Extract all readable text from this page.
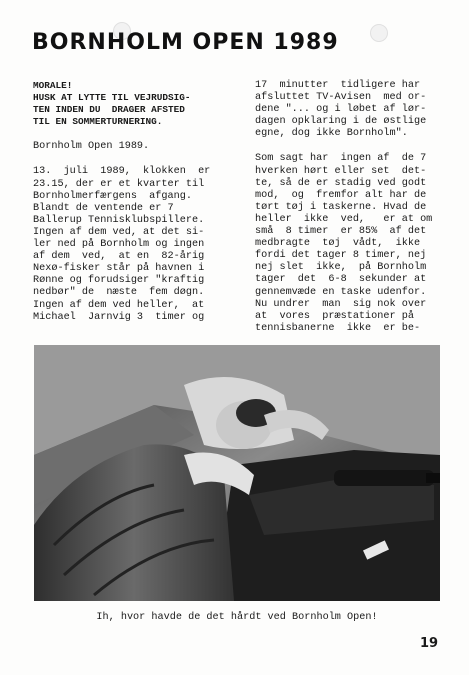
BORNHOLM OPEN 1989

MORALE!
HUSK AT LYTTE TIL VEJRUDSIG-
TEN INDEN DU  DRAGER AFSTED
TIL EN SOMMERTURNERING.

Bornholm Open 1989.

13.  juli  1989,  klokken  er
23.15, der er et kvarter til
Bornholmerfærgens  afgang.
Blandt de ventende er 7
Ballerup Tennisklubspillere.
Ingen af dem ved, at det si-
ler ned på Bornholm og ingen
af dem  ved,  at en  82-årig
Nexø-fisker står på havnen i
Rønne og forudsiger "kraftig
nedbør" de  næste  fem døgn.
Ingen af dem ved heller,  at
Michael  Jarnvig 3  timer og

17  minutter  tidligere har
afsluttet TV-Avisen  med or-
dene "... og i løbet af lør-
dagen opklaring i de østlige
egne, dog ikke Bornholm".

Som sagt har  ingen af  de 7
hverken hørt eller set  det-
te, så de er stadig ved godt
mod,  og  fremfor alt har de
tørt tøj i taskerne. Hvad de
heller  ikke  ved,   er at om
små  8 timer  er 85%  af det
medbragte  tøj  vådt,  ikke
fordi det tager 8 timer, nej
nej slet  ikke,  på Bornholm
tager  det  6-8  sekunder at
gennemvæde en taske udenfor.
Nu undrer  man  sig nok over
at  vores  præstationer på
tennisbanerne  ikke  er be-

Ih, hvor havde de det hårdt ved Bornholm Open!
19
